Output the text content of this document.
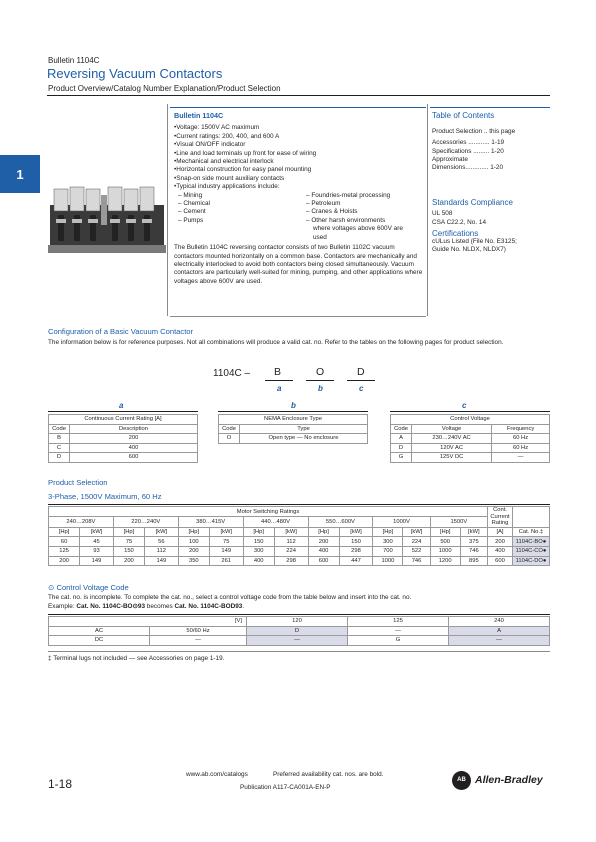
Bulletin 1104C
Reversing Vacuum Contactors
Product Overview/Catalog Number Explanation/Product Selection
1
Bulletin 1104C
• Voltage: 1500V AC maximum
• Current ratings: 200, 400, and 600 A
• Visual ON/OFF indicator
• Line and load terminals up front for ease of wiring
• Mechanical and electrical interlock
• Horizontal construction for easy panel mounting
• Snap-on side mount auxiliary contacts
• Typical industry applications include:
– Mining
– Chemical
– Cement
– Pumps
– Foundries-metal processing
– Petroleum
– Cranes & Hoists
– Other harsh environments
where voltages above 600V are
used
The Bulletin 1104C reversing contactor consists of two Bulletin 1102C vacuum contactors mounted horizontally on a common base. Contactors are mechanically and electrically interlocked to avoid both contactors being closed simultaneously. Vacuum contactors are particularly well-suited for mining, pumping, and other applications where voltages above 600V are used.
Table of Contents
Product Selection .. this page
Accessories ............ 1-19
Specifications ......... 1-20
Approximate
Dimensions............. 1-20
Standards Compliance
UL 508
CSA C22.2, No. 14
Certifications
cULus Listed (File No. E3125;
Guide No. NLDX, NLDX7)
Configuration of a Basic Vacuum Contactor
The information below is for reference purposes. Not all combinations will produce a valid cat. no. Refer to the tables on the following pages for product selection.
1104C – B	O	D
a	b	c
a
Continuous Current Rating [A]	
Code	Description
B	200
C	400
D	600
b
NEMA Enclosure Type	
Code	Type
O	Open type — No enclosure
c
Control Voltage		
Code	Voltage	Frequency
A	230…240V AC	60 Hz
D	120V AC	60 Hz
G	125V DC	—
Product Selection
3-Phase, 1500V Maximum, 60 Hz
Motor Switching Ratings														Cont. Current Rating	
240…208V		220…240V		380…415V		440…480V		550…600V		1000V		1500V			
[Hp]	[kW]	[Hp]	[kW]	[Hp]	[kW]	[Hp]	[kW]	[Hp]	[kW]	[Hp]	[kW]	[Hp]	[kW]	[A]	Cat. No.‡
60	45	75	56	100	75	150	112	200	150	300	224	500	375	200	1104C-BO●
125	93	150	112	200	149	300	224	400	298	700	522	1000	746	400	1104C-CO●
200	149	200	149	350	261	400	298	600	447	1000	746	1200	895	600	1104C-DO●
⊙ Control Voltage Code
The cat. no. is incomplete. To complete the cat. no., select a control voltage code from the table below and insert into the cat. no.
Example: Cat. No. 1104C-BO⊙93 becomes Cat. No. 1104C-BOD93.
[V]		120	125	240
AC	50/60 Hz	D	—	A
DC	—	—	G	—
‡ Terminal lugs not included — see Accessories on page 1-19.
1-18
www.ab.com/catalogs	Preferred availability cat. nos. are bold.
Publication A117-CA001A-EN-P
AB Allen-Bradley
